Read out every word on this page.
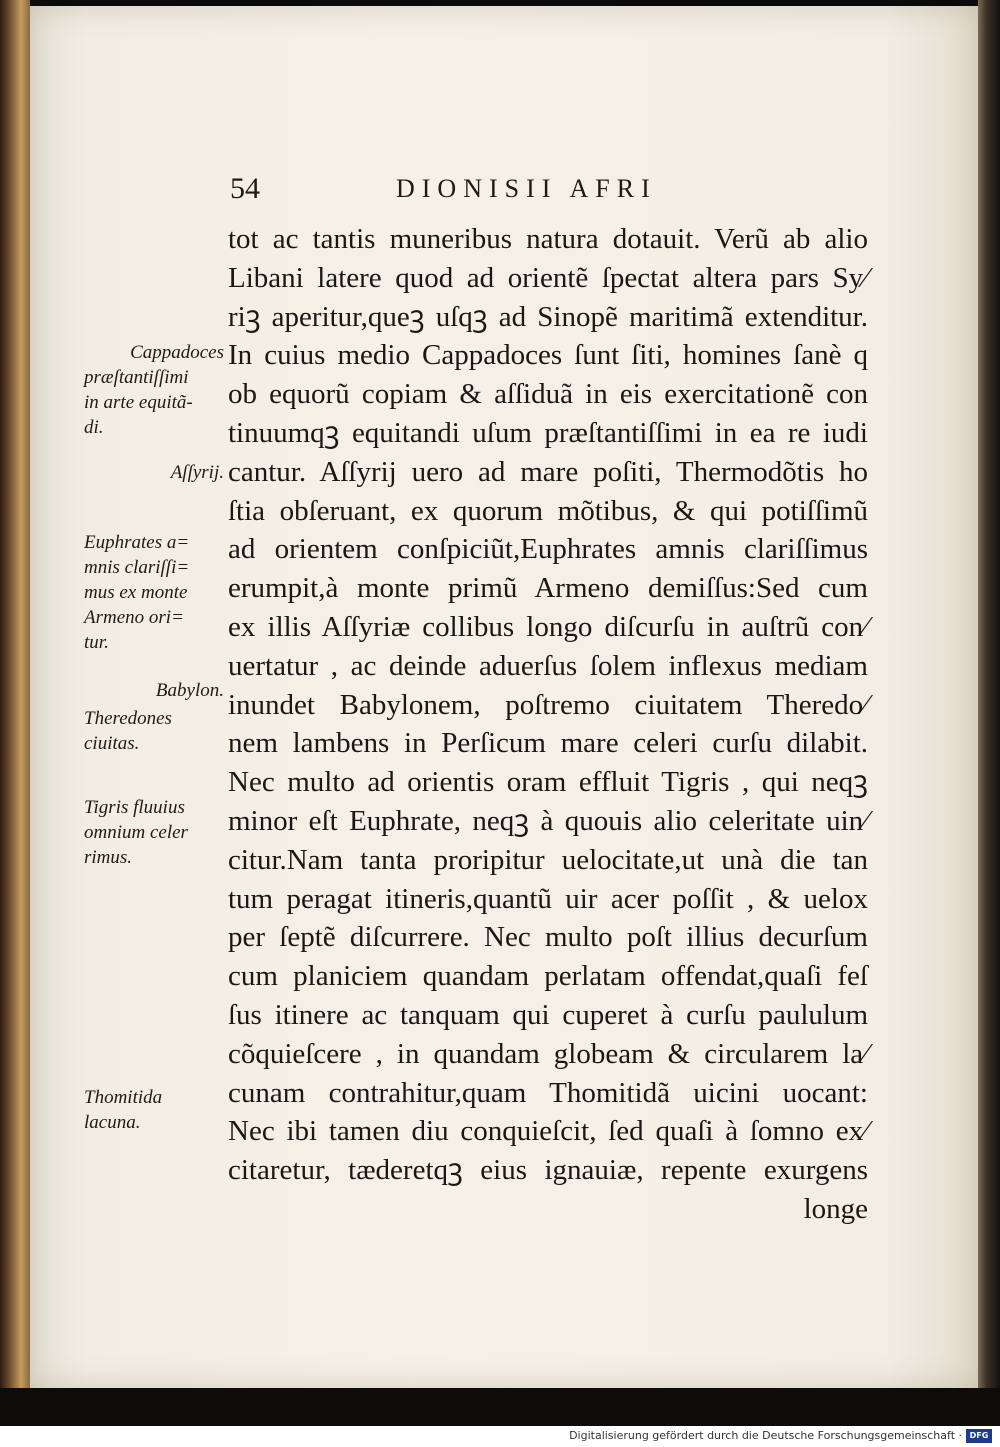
54	DIONISII AFRI
tot ac tantis muneribus natura dotauit. Verũ ab alio
Libani latere quod ad orientẽ ſpectat altera pars Sy⁄
riꝫ aperitur,queꝫ uſqꝫ ad Sinopẽ maritimã extenditur.
In cuius medio Cappadoces ſunt ſiti, homines ſanè q
ob equorũ copiam & aſſiduã in eis exercitationẽ con
tinuumqꝫ equitandi uſum præſtantiſſimi in ea re iudi
cantur. Aſſyrij uero ad mare poſiti, Thermodõtis ho
ſtia obſeruant, ex quorum mõtibus, & qui potiſſimũ
ad orientem conſpiciũt,Euphrates amnis clariſſimus
erumpit,à monte primũ Armeno demiſſus:Sed cum
ex illis Aſſyriæ collibus longo diſcurſu in auſtrũ con⁄
uertatur , ac deinde aduerſus ſolem inflexus mediam
inundet Babylonem, poſtremo ciuitatem Theredo⁄
nem lambens in Perſicum mare celeri curſu dilabit.
Nec multo ad orientis oram effluit Tigris , qui neqꝫ
minor eſt Euphrate, neqꝫ à quouis alio celeritate uin⁄
citur.Nam tanta proripitur uelocitate,ut unà die tan
tum peragat itineris,quantũ uir acer poſſit , & uelox
per ſeptẽ diſcurrere. Nec multo poſt illius decurſum
cum planiciem quandam perlatam offendat,quaſi feſ
ſus itinere ac tanquam qui cuperet à curſu paululum
cõquieſcere , in quandam globeam & circularem la⁄
cunam contrahitur,quam Thomitidã uicini uocant:
Nec ibi tamen diu conquieſcit, ſed quaſi à ſomno ex⁄
citaretur, tæderetqꝫ eius ignauiæ, repente exurgens
longe
Cappadoces
præſtantiſſimi
in arte equitã-
di.
Aſſyrij.
Euphrates a=
mnis clariſſi=
mus ex monte
Armeno ori=
tur.
Babylon.
Theredones
ciuitas.
Tigris fluuius
omnium celer
rimus.
Thomitida
lacuna.
Digitalisierung gefördert durch die Deutsche Forschungsgemeinschaft · DFG
